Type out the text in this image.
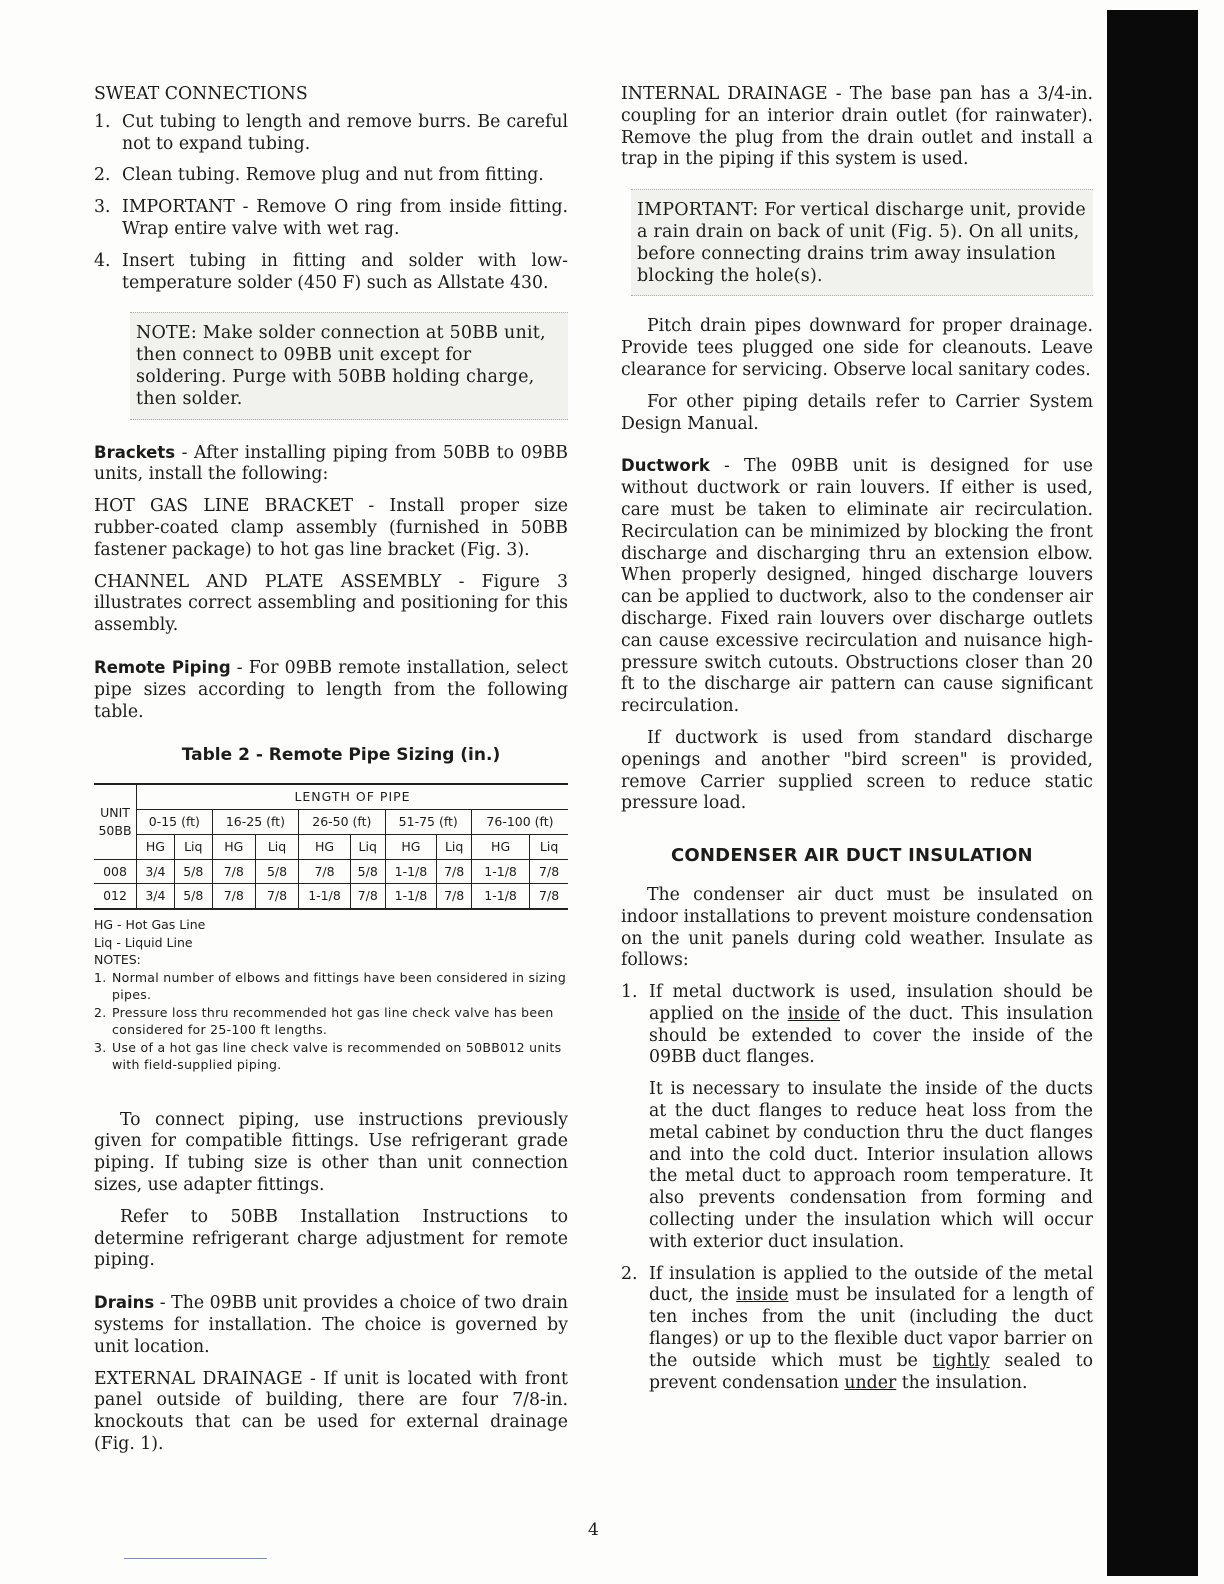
SWEAT CONNECTIONS

1. Cut tubing to length and remove burrs. Be careful not to expand tubing.
2. Clean tubing. Remove plug and nut from fitting.
3. IMPORTANT - Remove O ring from inside fitting. Wrap entire valve with wet rag.
4. Insert tubing in fitting and solder with low-temperature solder (450 F) such as Allstate 430.
NOTE: Make solder connection at 50BB unit, then connect to 09BB unit except for soldering. Purge with 50BB holding charge, then solder.

Brackets - After installing piping from 50BB to 09BB units, install the following:

HOT GAS LINE BRACKET - Install proper size rubber-coated clamp assembly (furnished in 50BB fastener package) to hot gas line bracket (Fig. 3).

CHANNEL AND PLATE ASSEMBLY - Figure 3 illustrates correct assembling and positioning for this assembly.

Remote Piping - For 09BB remote installation, select pipe sizes according to length from the following table.

Table 2 - Remote Pipe Sizing (in.)
UNIT 50BB	LENGTH OF PIPE									
	0-15 (ft)		16-25 (ft)		26-50 (ft)		51-75 (ft)		76-100 (ft)	
	HG	Liq	HG	Liq	HG	Liq	HG	Liq	HG	Liq
008	3/4	5/8	7/8	5/8	7/8	5/8	1-1/8	7/8	1-1/8	7/8
012	3/4	5/8	7/8	7/8	1-1/8	7/8	1-1/8	7/8	1-1/8	7/8
HG - Hot Gas Line
Liq - Liquid Line
NOTES:
1. Normal number of elbows and fittings have been considered in sizing pipes.
2. Pressure loss thru recommended hot gas line check valve has been considered for 25-100 ft lengths.
3. Use of a hot gas line check valve is recommended on 50BB012 units with field-supplied piping.

To connect piping, use instructions previously given for compatible fittings. Use refrigerant grade piping. If tubing size is other than unit connection sizes, use adapter fittings.

Refer to 50BB Installation Instructions to determine refrigerant charge adjustment for remote piping.

Drains - The 09BB unit provides a choice of two drain systems for installation. The choice is governed by unit location.

EXTERNAL DRAINAGE - If unit is located with front panel outside of building, there are four 7/8-in. knockouts that can be used for external drainage (Fig. 1).

INTERNAL DRAINAGE - The base pan has a 3/4-in. coupling for an interior drain outlet (for rainwater). Remove the plug from the drain outlet and install a trap in the piping if this system is used.

IMPORTANT: For vertical discharge unit, provide a rain drain on back of unit (Fig. 5). On all units, before connecting drains trim away insulation blocking the hole(s).

Pitch drain pipes downward for proper drainage. Provide tees plugged one side for cleanouts. Leave clearance for servicing. Observe local sanitary codes.

For other piping details refer to Carrier System Design Manual.

Ductwork - The 09BB unit is designed for use without ductwork or rain louvers. If either is used, care must be taken to eliminate air recirculation. Recirculation can be minimized by blocking the front discharge and discharging thru an extension elbow. When properly designed, hinged discharge louvers can be applied to ductwork, also to the condenser air discharge. Fixed rain louvers over discharge outlets can cause excessive recirculation and nuisance high-pressure switch cutouts. Obstructions closer than 20 ft to the discharge air pattern can cause significant recirculation.

If ductwork is used from standard discharge openings and another "bird screen" is provided, remove Carrier supplied screen to reduce static pressure load.

CONDENSER AIR DUCT INSULATION

The condenser air duct must be insulated on indoor installations to prevent moisture condensation on the unit panels during cold weather. Insulate as follows:

1. If metal ductwork is used, insulation should be applied on the inside of the duct. This insulation should be extended to cover the inside of the 09BB duct flanges.

It is necessary to insulate the inside of the ducts at the duct flanges to reduce heat loss from the metal cabinet by conduction thru the duct flanges and into the cold duct. Interior insulation allows the metal duct to approach room temperature. It also prevents condensation from forming and collecting under the insulation which will occur with exterior duct insulation.

2. If insulation is applied to the outside of the metal duct, the inside must be insulated for a length of ten inches from the unit (including the duct flanges) or up to the flexible duct vapor barrier on the outside which must be tightly sealed to prevent condensation under the insulation.
4
